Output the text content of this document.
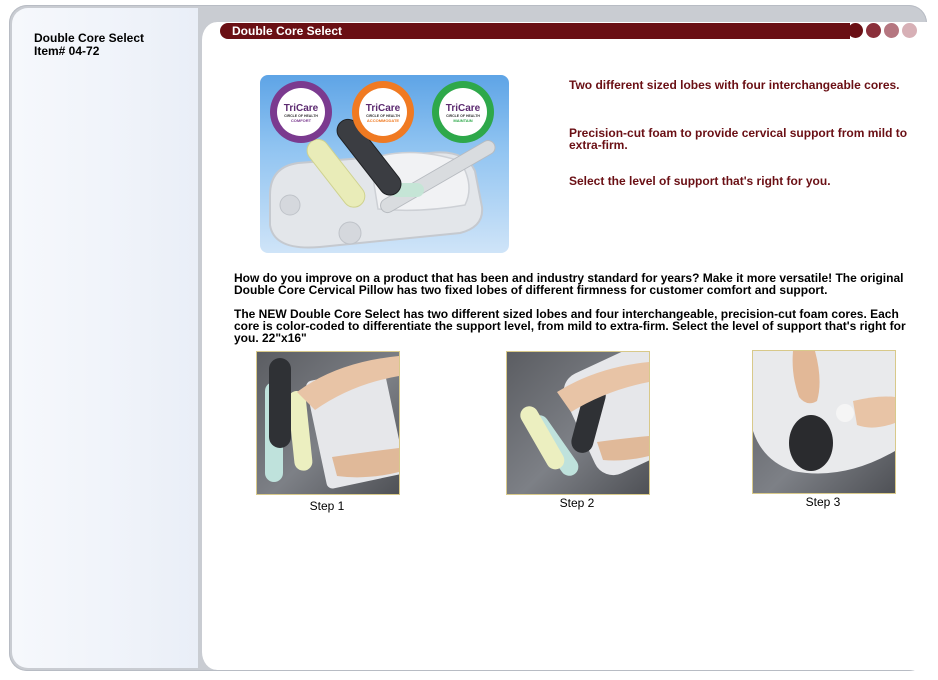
Double Core Select
Item# 04-72
Double Core Select
TriCare
CIRCLE OF HEALTH
COMFORT
TriCare
CIRCLE OF HEALTH
ACCOMMODATE
TriCare
CIRCLE OF HEALTH
MAINTAIN
Two different sized lobes with four interchangeable cores.
Precision-cut foam to provide cervical support from mild to extra-firm.
Select the level of support that's right for you.
How do you improve on a product that has been and industry standard for years? Make it more versatile! The original Double Core Cervical Pillow has two fixed lobes of different firmness for customer comfort and support.
The NEW Double Core Select has two different sized lobes and four interchangeable, precision-cut foam cores. Each core is color-coded to differentiate the support level, from mild to extra-firm. Select the level of support that's right for you. 22"x16"
Step 1	Step 2	Step 3
